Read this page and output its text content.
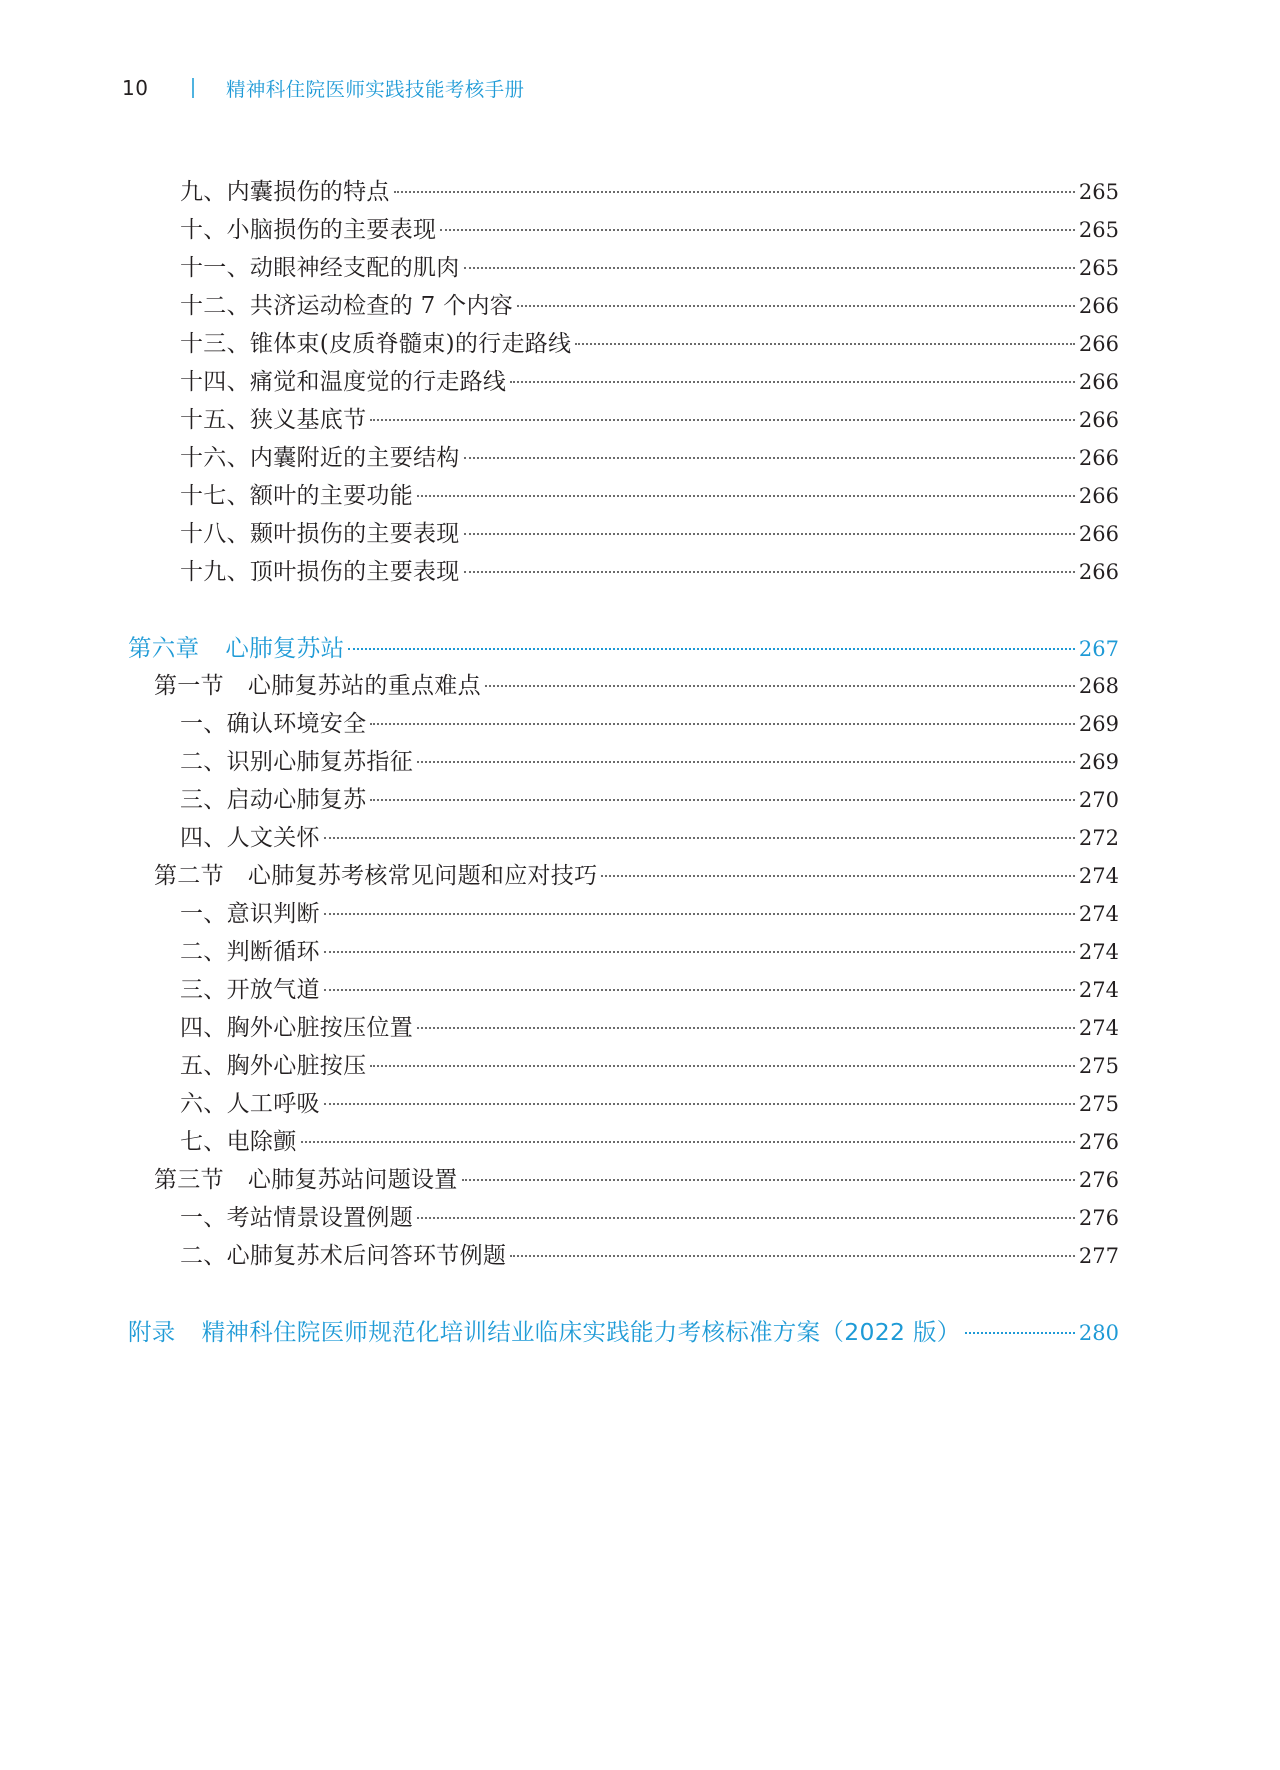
10	精神科住院医师实践技能考核手册
九、内囊损伤的特点	265
十、小脑损伤的主要表现	265
十一、动眼神经支配的肌肉	265
十二、共济运动检查的 7 个内容	266
十三、锥体束(皮质脊髓束)的行走路线	266
十四、痛觉和温度觉的行走路线	266
十五、狭义基底节	266
十六、内囊附近的主要结构	266
十七、额叶的主要功能	266
十八、颞叶损伤的主要表现	266
十九、顶叶损伤的主要表现	266
第六章 心肺复苏站	267
第一节 心肺复苏站的重点难点	268
一、确认环境安全	269
二、识别心肺复苏指征	269
三、启动心肺复苏	270
四、人文关怀	272
第二节 心肺复苏考核常见问题和应对技巧	274
一、意识判断	274
二、判断循环	274
三、开放气道	274
四、胸外心脏按压位置	274
五、胸外心脏按压	275
六、人工呼吸	275
七、电除颤	276
第三节 心肺复苏站问题设置	276
一、考站情景设置例题	276
二、心肺复苏术后问答环节例题	277
附录 精神科住院医师规范化培训结业临床实践能力考核标准方案（2022 版）	280
